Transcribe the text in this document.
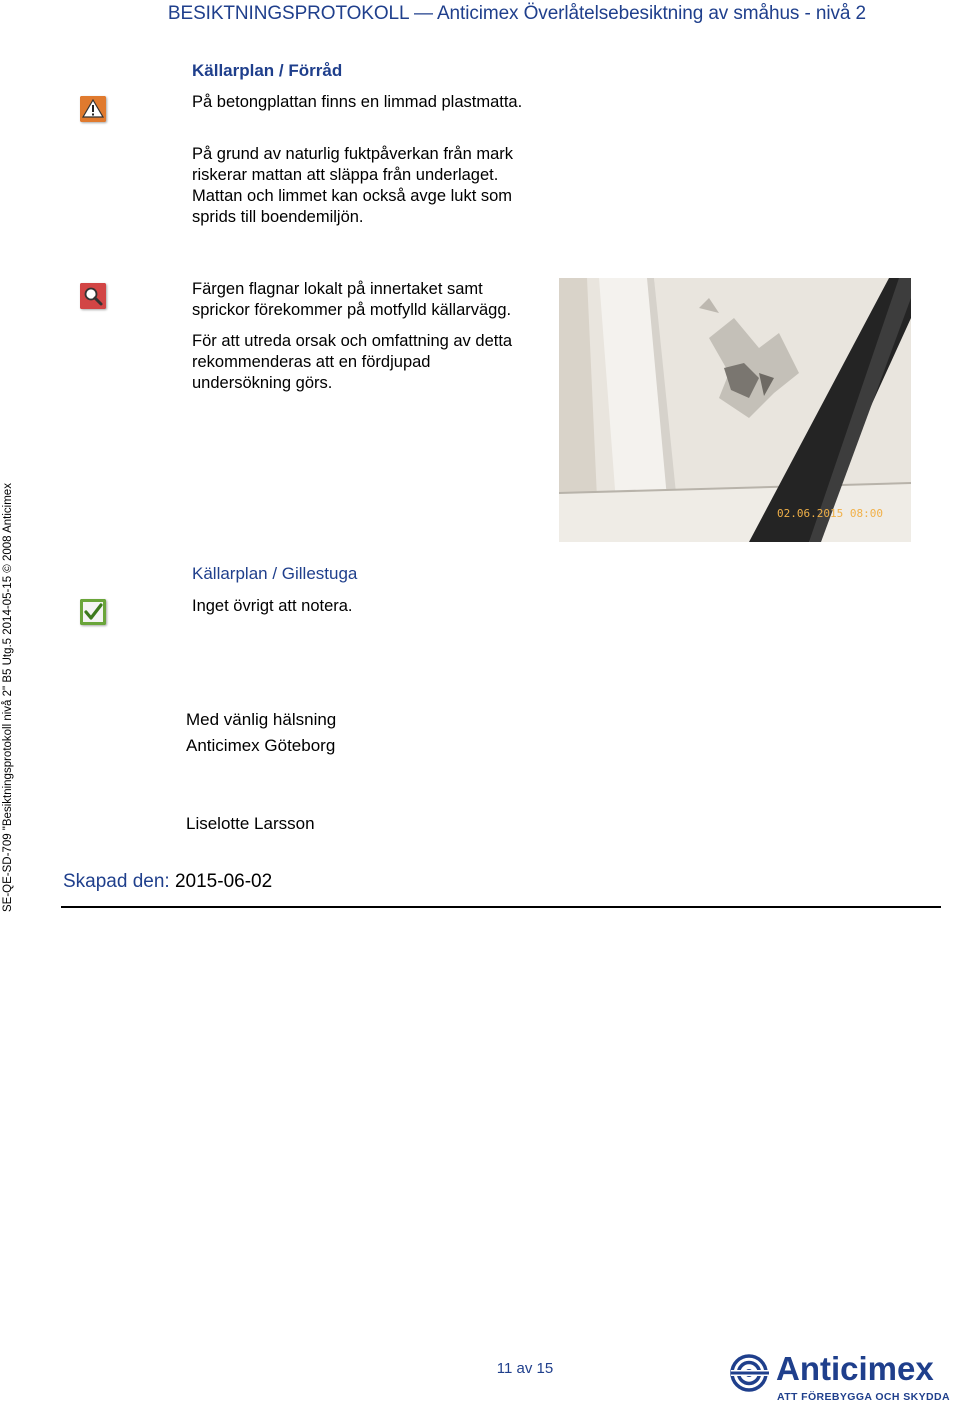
BESIKTNINGSPROTOKOLL — Anticimex Överlåtelsebesiktning av småhus - nivå 2
SE-QE-SD-709 "Besiktningsprotokoll nivå 2" B5 Utg.5 2014-05-15 © 2008 Anticimex
Källarplan / Förråd
På betongplattan finns en limmad plastmatta.
På grund av naturlig fuktpåverkan från mark riskerar mattan att släppa från underlaget. Mattan och limmet kan också avge lukt som sprids till boendemiljön.
Färgen flagnar lokalt på innertaket samt sprickor förekommer på motfylld källarvägg.
För att utreda orsak och omfattning av detta rekommenderas att en fördjupad undersökning görs.
02.06.2015 08:00
Källarplan / Gillestuga
Inget övrigt att notera.
Med vänlig hälsning
Anticimex Göteborg
Liselotte Larsson
Skapad den: 2015-06-02
11 av 15	Anticimex
ATT FÖREBYGGA OCH SKYDDA
